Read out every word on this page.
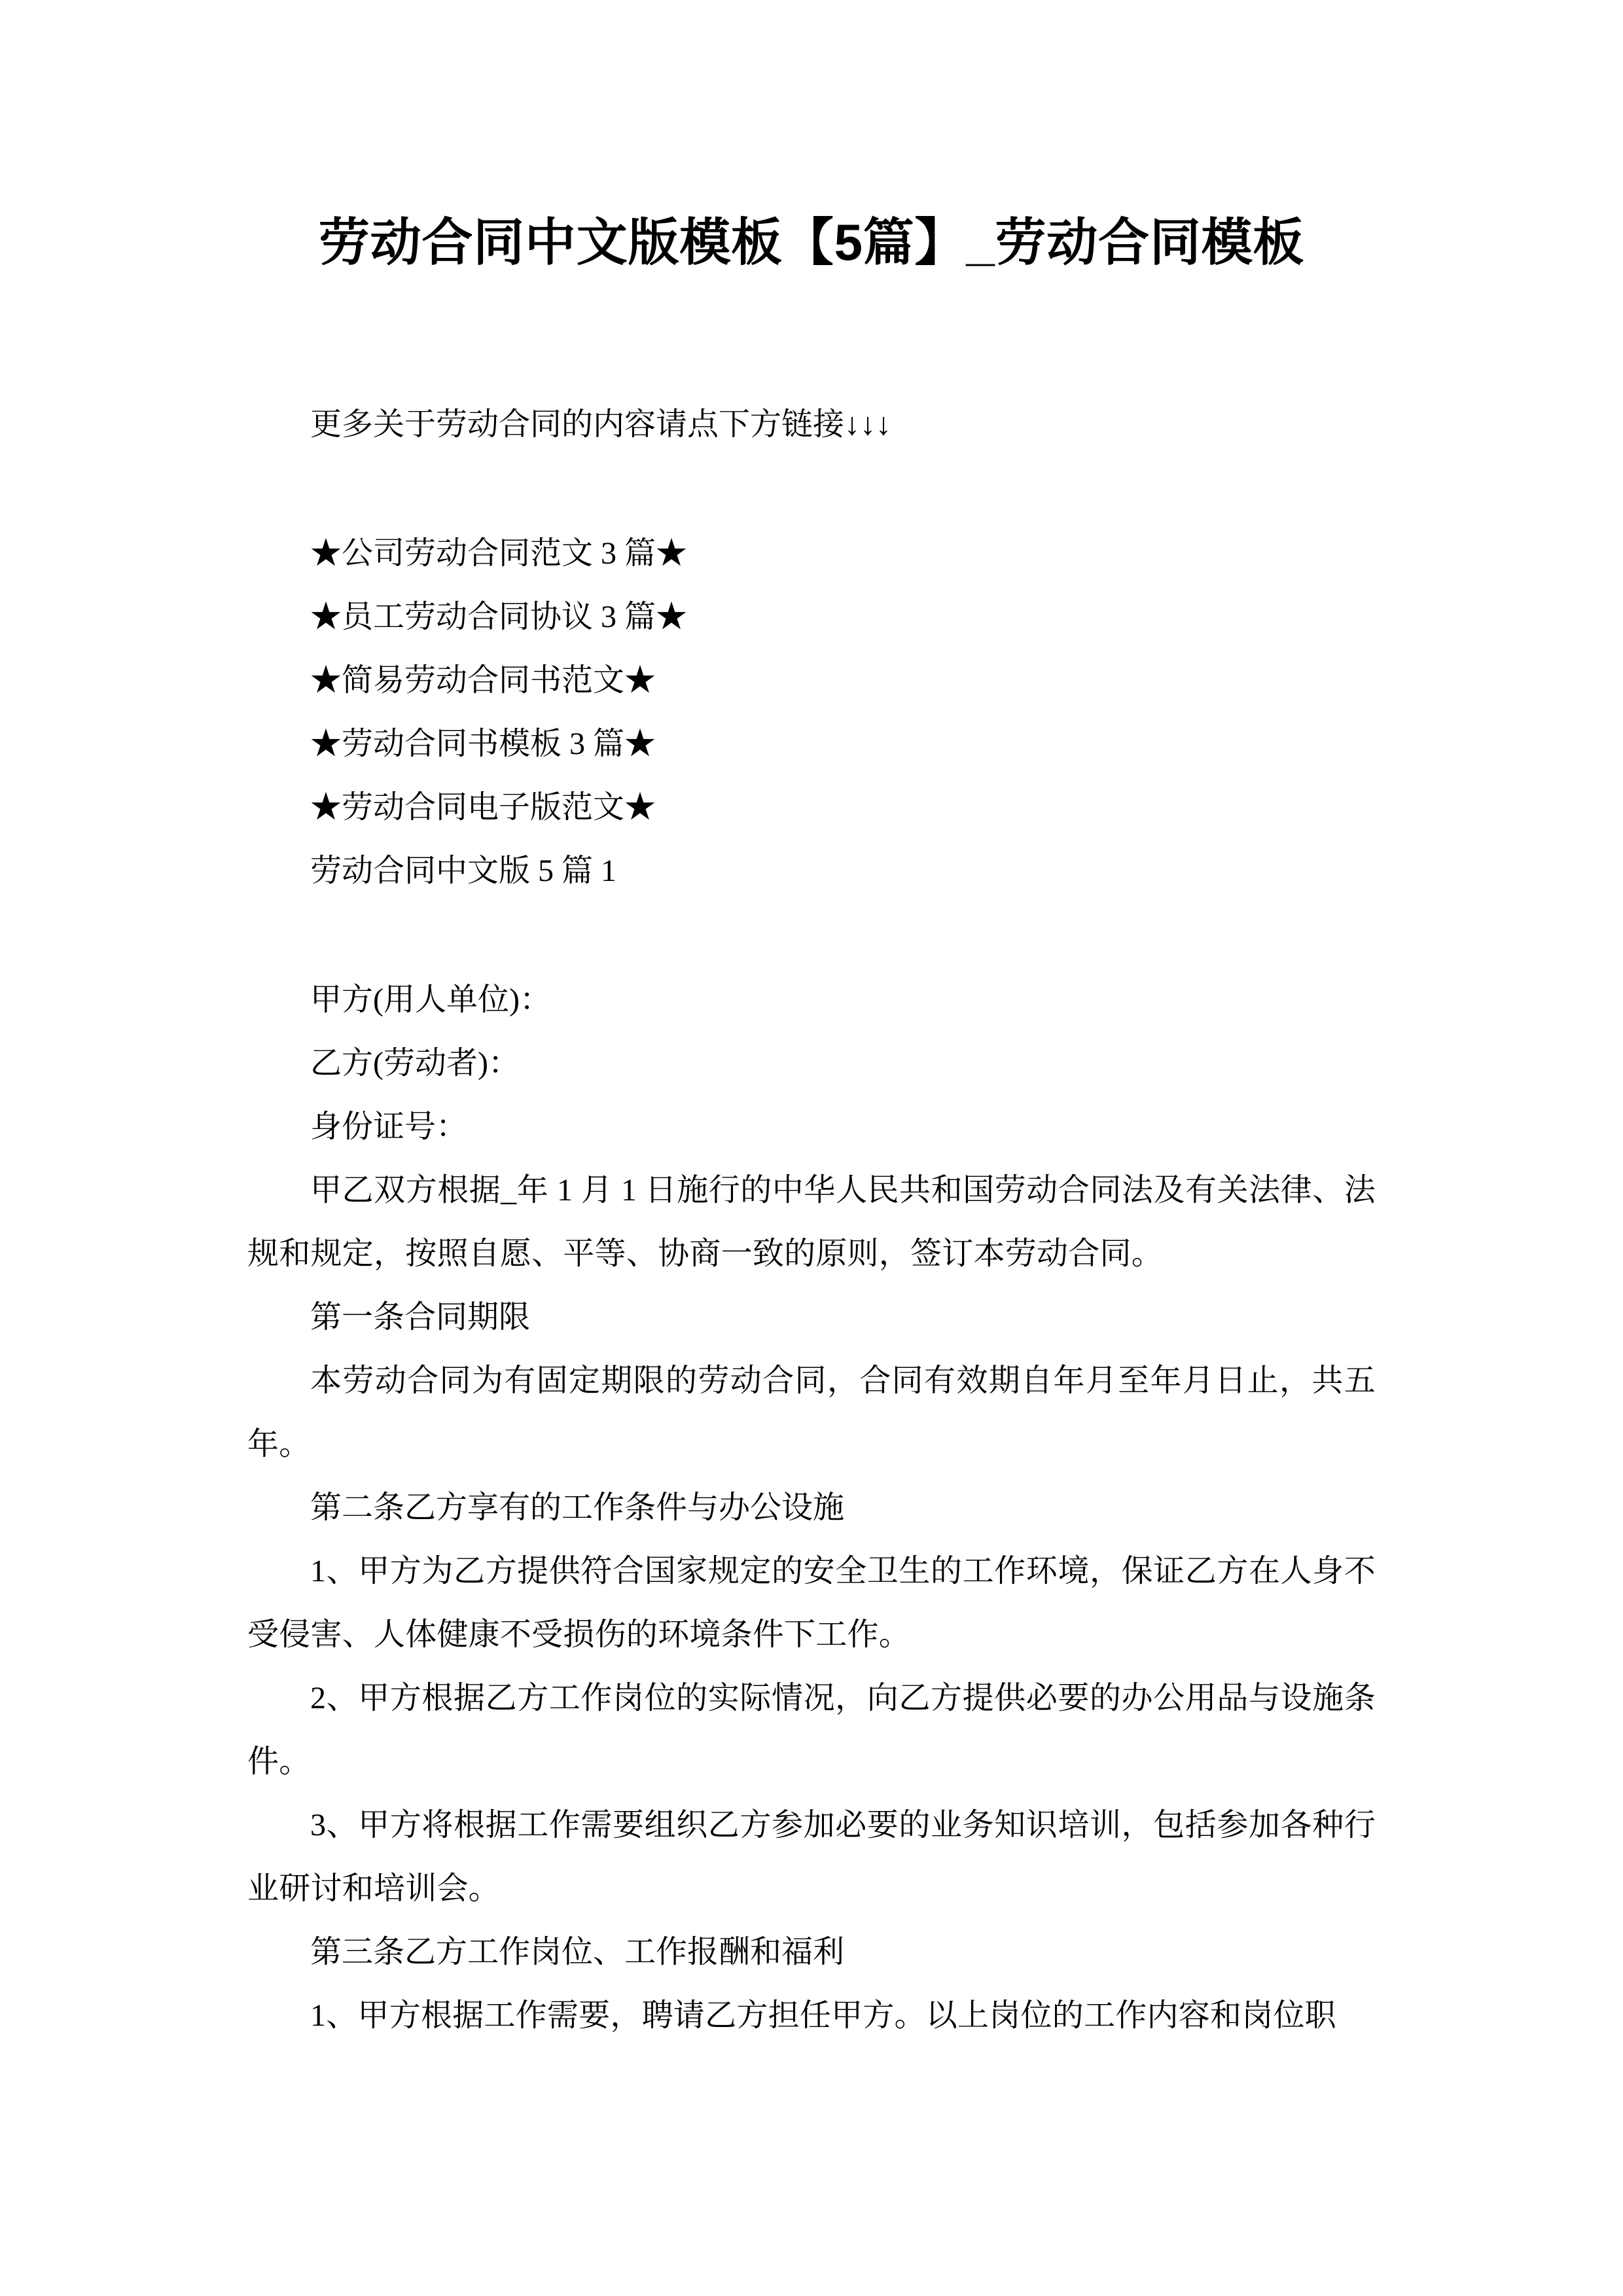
劳动合同中文版模板【5篇】_劳动合同模板

更多关于劳动合同的内容请点下方链接↓↓↓

★公司劳动合同范文 3 篇★

★员工劳动合同协议 3 篇★

★简易劳动合同书范文★

★劳动合同书模板 3 篇★

★劳动合同电子版范文★

劳动合同中文版 5 篇 1

甲方(用人单位)：

乙方(劳动者)：

身份证号：

甲乙双方根据_年 1 月 1 日施行的中华人民共和国劳动合同法及有关法律、法规和规定，按照自愿、平等、协商一致的原则，签订本劳动合同。

第一条合同期限

本劳动合同为有固定期限的劳动合同，合同有效期自年月至年月日止，共五年。

第二条乙方享有的工作条件与办公设施

1、甲方为乙方提供符合国家规定的安全卫生的工作环境，保证乙方在人身不受侵害、人体健康不受损伤的环境条件下工作。

2、甲方根据乙方工作岗位的实际情况，向乙方提供必要的办公用品与设施条件。

3、甲方将根据工作需要组织乙方参加必要的业务知识培训，包括参加各种行业研讨和培训会。

第三条乙方工作岗位、工作报酬和福利

1、甲方根据工作需要，聘请乙方担任甲方。以上岗位的工作内容和岗位职
